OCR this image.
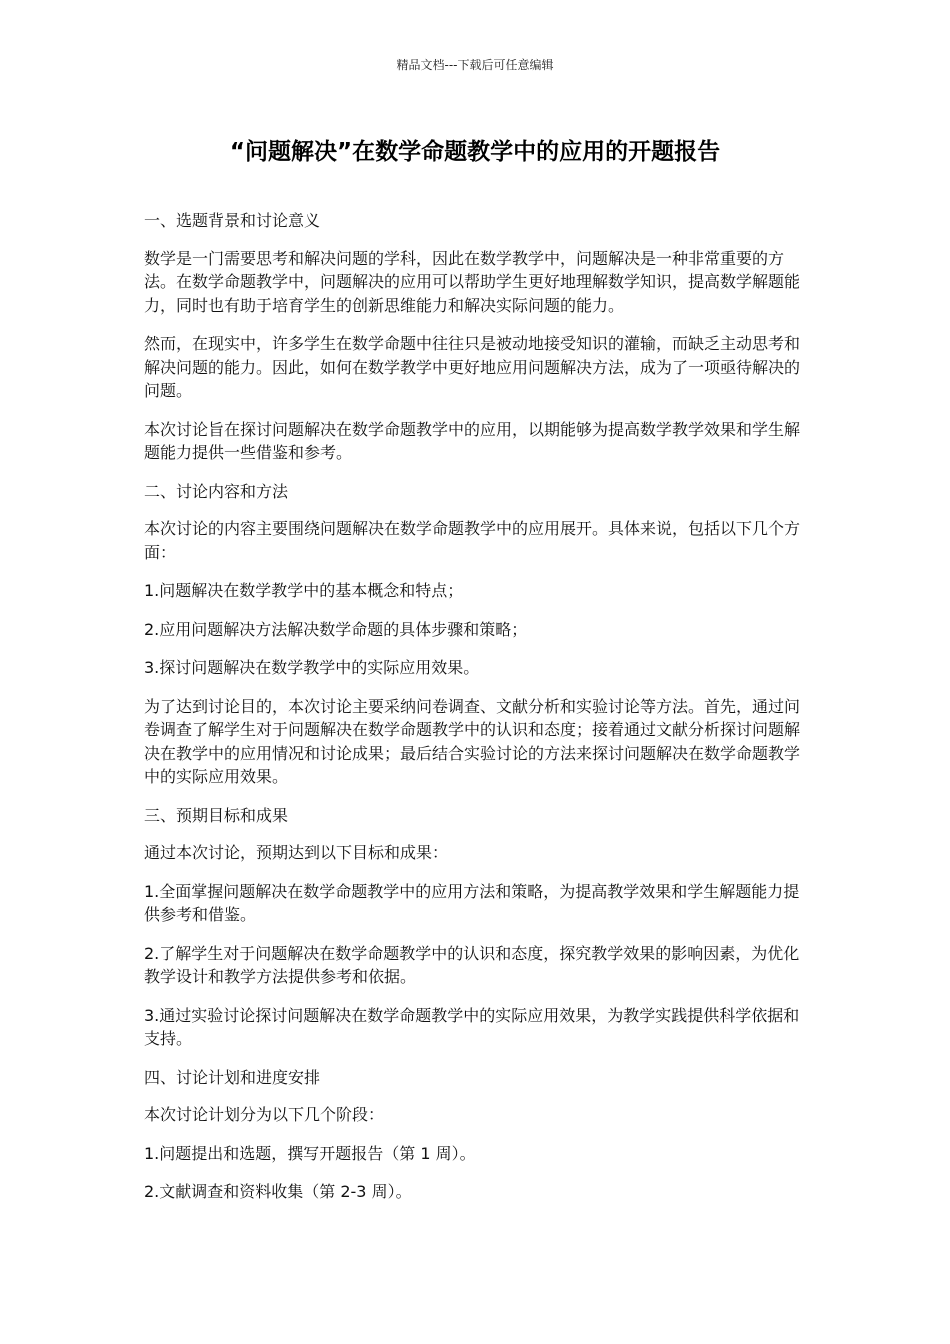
精品文档---下载后可任意编辑
“问题解决”在数学命题教学中的应用的开题报告

一、选题背景和讨论意义

数学是一门需要思考和解决问题的学科，因此在数学教学中，问题解决是一种非常重要的方法。在数学命题教学中，问题解决的应用可以帮助学生更好地理解数学知识，提高数学解题能力，同时也有助于培育学生的创新思维能力和解决实际问题的能力。

然而，在现实中，许多学生在数学命题中往往只是被动地接受知识的灌输，而缺乏主动思考和解决问题的能力。因此，如何在数学教学中更好地应用问题解决方法，成为了一项亟待解决的问题。

本次讨论旨在探讨问题解决在数学命题教学中的应用，以期能够为提高数学教学效果和学生解题能力提供一些借鉴和参考。

二、讨论内容和方法

本次讨论的内容主要围绕问题解决在数学命题教学中的应用展开。具体来说，包括以下几个方面：

1.问题解决在数学教学中的基本概念和特点；

2.应用问题解决方法解决数学命题的具体步骤和策略；

3.探讨问题解决在数学教学中的实际应用效果。

为了达到讨论目的，本次讨论主要采纳问卷调查、文献分析和实验讨论等方法。首先，通过问卷调查了解学生对于问题解决在数学命题教学中的认识和态度；接着通过文献分析探讨问题解决在教学中的应用情况和讨论成果；最后结合实验讨论的方法来探讨问题解决在数学命题教学中的实际应用效果。

三、预期目标和成果

通过本次讨论，预期达到以下目标和成果：

1.全面掌握问题解决在数学命题教学中的应用方法和策略，为提高教学效果和学生解题能力提供参考和借鉴。

2.了解学生对于问题解决在数学命题教学中的认识和态度，探究教学效果的影响因素，为优化教学设计和教学方法提供参考和依据。

3.通过实验讨论探讨问题解决在数学命题教学中的实际应用效果，为教学实践提供科学依据和支持。

四、讨论计划和进度安排

本次讨论计划分为以下几个阶段：

1.问题提出和选题，撰写开题报告（第 1 周）。

2.文献调查和资料收集（第 2-3 周）。
